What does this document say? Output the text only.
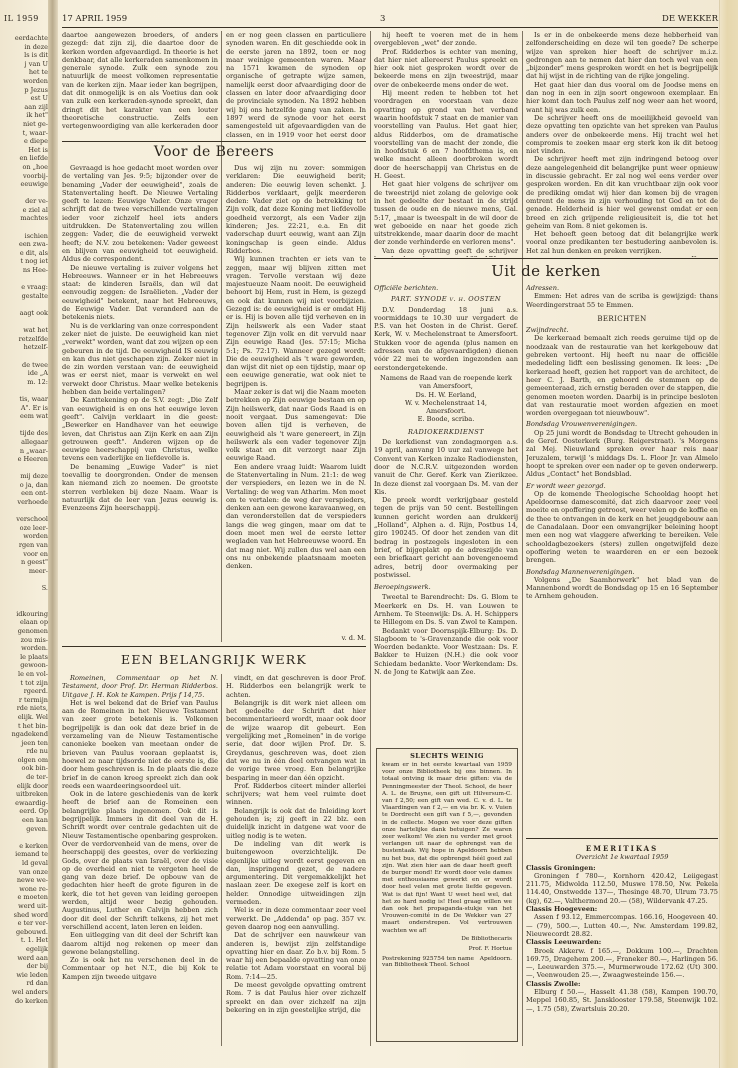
IL 1959
eerdachte
in deze
ls is dit
j van U
het te
worden
p Jezus
est U
aan zijl
ik het"
niet ge-
t, waar-
e diepe
Het is
en liefde
on „hoe
voorbij-
eeuwige
der ve-
e ziel al
machtes
ischien
een zwa-
e dit, als
t nog iet
ns Hee-
e vraag:
gestalte
aagt ook
wat het
retzelfde
hetzelf-
de twee
ide „A
m. 12:
tis, waar
A". Er is
eem wat
tijde des
allegaar
n „waar-
e Heeren
mij deze
o ja, dan
een ont-
verhoede
verschool
oze leer-
worden
rgen van
voor en
n geest"
meer-
S.
idkouring
elaan op
genomen
zou mis-
worden.
le plaats
gewoon-
le en vol-
t tot zijn
rgeerd.
r termijn
rde niets,
elijk. Wel
t het bin-
ngadekend
jeen ten
rde nu
olgen om
ook bin-
de ter-
elijk door
uitbreken
ewaardig-
eerd. Op
een kan
geven.
e kerken
iemand te
ld geval
van onze
newe we-
wone re-
e moeten
werd uit-
shed word
e ter ver-
gebouwd.
t. 1. Het
egelijk
werd aan
der bij
wie leden
rd dan
wel anders
do kerken
17 APRIL 1959	3	DE WEKKER

daartoe aangewezen broeders, of anders gezegd: dat zijn zij, die daartoe door de kerken worden afgevaardigd. In theorie is het denkbaar, dat alle kerkeraden samenkomen in generale synode. Zulk een synode zou natuurlijk de meest volkomen representatie van de kerken zijn. Maar ieder kan begrijpen, dat dit onmogelijk is en als Voetius dan ook van zulk een kerkeraden-synode spreekt, dan dringt dit het karakter van een louter theoretische constructie. Zelfs een vertegenwoordiging van alle kerkeraden door

en er nog geen classen en particuliere synoden waren. En dit geschiedde ook in de eerste jaren na 1892, toen er nog maar weinige gemeenten waren. Maar na 1571 kwamen de synoden op organische of getrapte wijze samen, namelijk eerst door afvaardiging door de classen en later door afvaardiging door de provinciale synoden. Na 1892 hebben wij bij ons hetzelfde gang van zaken. In 1897 werd de synode voor het eerst samengesteld uit afgevaardigden van de classen, en in 1919 voor het eerst door

Voor de Bereers

Gevraagd is hoe gedacht moet worden over de vertaling van Jes. 9:5; bijzonder over de benaming „Vader der eeuwigheid", zoals de Statenvertaling heeft. De Nieuwe Vertaling geeft te lezen: Eeuwige Vader. Onze vrager schrijft dat de twee verschillende vertalingen ieder voor zichzelf heel iets anders uitdrukken. De Statenvertaling zou willen zeggen: Vader, die de eeuwigheid verwekt heeft; de N.V. zou betekenen: Vader geweest en blijven van eeuwigheid tot eeuwigheid. Aldus de correspondent.

De nieuwe vertaling is zuiver volgens het Hebreeuws. Wanneer er in het Hebreeuws staat: de kinderen Israëls, dan wil dat eenvoudig zeggen: de Israëlieten. „Vader der eeuwigheid" betekent, naar het Hebreeuws, de Eeuwige Vader. Dat veranderd aan de betekenis niets.

Nu is de verklaring van onze correspondent zeker niet de juiste. De eeuwigheid kan niet „verwekt" worden, want dat zou wijzen op een gebeuren in de tijd. De eeuwigheid IS eeuwig en kan dus niet geschapen zijn. Zeker niet in de zin worden verstaan van: de eeuwigheid was er eerst niet, maar is verwekt en wel verwekt door Christus. Maar welke betekenis hebben dan beide vertalingen?

De Kanttekening op de S.V. zegt: „Die Zelf van eeuwigheid is en ons het eeuwige leven geeft". Calvijn verklaart in die geest: „Bewerker en Handhaver van het eeuwige leven, dat Christus aan Zijn Kerk en aan Zijn getrouwen geeft". Anderen wijzen op de eeuwige heerschappij van Christus, welke tevens een vaderlijke en liefdevolle is.

De benaming „Euwige Vader" is niet toevallig te doorgronden. Onder de mensen kan niemand zich zo noemen. De grootste sterren verbleken bij deze Naam. Waar is natuurlijk dat de leer van Jezus eeuwig is. Evenzeens Zijn heerschappij.

Dus wij zijn nu zover: sommigen verklaren: Die eeuwigheid berit; anderen: Die eeuwig leven schenkt. J. Ridderbos verklaart, geljk meerderen deden: Vader ziet op de betrekking tot Zijn volk, dat deze Koning met liefdevolle goedheid verzorgt, als een Vader zijn kinderen; Jes. 22:21, e.a. En dit vaderschap duurt eeuwig, want aan Zijn koningschap is geen einde. Aldus Ridderbos.

Wij kunnen trachten er iets van te zeggen, maar wij blijven zitten met vragen. Tervolle verstaan wij deze majestueuze Naam nooit. De eeuwigheid behoort bij Hem, rust in Hem, is gezegd en ook dat kunnen wij niet voorbijzien. Gezegd is: de eeuwigheid is er omdat Hij er is. Hij is boven alle tijd verheven en in Zijn heilswerk als een Vader staat tegenover Zijn volk en dit vervuld naar Zijn eeuwige Raad (Jes. 57:15; Micha 5:1; Ps. 72:17). Wanneer gezegd wordt: Die de eeuwigheid als 't ware geworden, dan wijst dit niet op een tijdstip, maar op een eeuwige generatie, wat ook niet te begrijpen is.

Maar zeker is dat wij die Naam moeten betrekken op Zijn eeuwige bestaan en op Zijn heilswerk, dat naar Gods Raad is en nooit vergaat. Dus samengevat: Die boven allen tijd is verheven, de eeuwigheid als 't ware genereert, in Zijn heilswerk als een vader tegenover Zijn volk staat en dit verzorgt naar Zijn eeuwige Raad.

Een andere vraag luidt: Waarom luidt de Statenvertaling in Num. 21:1: de weg der verspieders, en lezen we in de N. Vertaling: de weg van Atharim. Men moet om te vertalen: de weg der verspieders, denken aan een gewone karavaanweg, en dan veronderstellen dat de verspieders langs die weg gingen, maar om dat te doen moet men wel de eerste letter wegladen van het Hebreeuwse woord. En dat mag niet. Wij zullen dus wel aan een ons nu onbekende plaatsnaam moeten denken.

v. d. M.
EEN BELANGRIJK WERK

Romeinen, Commentaar op het N. Testament, door Prof. Dr. Herman Ridderbos. Uitgave J. H. Kok te Kampen. Prijs f 14,75.

Het is wel bekend dat de Brief van Paulus aan de Romeinen in het Nieuwe Testament van zeer grote betekenis is. Volkomen begrijpelijk is dan ook dat deze brief in de verzameling van de Nieuw Testamentische canonieke boeken van meetaan onder de brieven van Paulus vooraan geplaatst is, hoewel ze naar tijdsorde niet de eerste is, die door hem geschreven is. In de plaats die deze brief in de canon kreeg spreekt zich dan ook reeds een waardeeringsoordeel uit.

Ook in de latere geschiedenis van de kerk heeft de brief aan de Romeinen een belangrijke plaats ingenomen. Ook dit is begrijpelijk. Immers in dit deel van de H. Schrift wordt over centrale gedachten uit de Nieuw Testamentische openbaring gesproken. Over de verdorvenheid van de mens, over de heerschappij des geestes, over de verkiezing Gods, over de plaats van Israël, over de visie op de overheid en niet te vergeten heel de gang van deze brief. De opbouw van de gedachten hier heeft de grote figuren in de kerk, die tot het geven van leiding geroepen werden, altijd weer bezig gehouden. Augustinus, Luther en Calvijn hebben zich door dit deel der Schrift telkens, zij het met verschillend accent, laten leren en leiden.

Een uitlegging van dit deel der Schrift kan daarom altijd nog rekenen op meer dan gewone belangstelling.

Zo is ook het nu verschenen deel in de Commentaar op het N.T., die bij Kok te Kampen zijn tweede uitgave

vindt, en dat geschreven is door Prof. H. Ridderbos een belangrijk werk te achten.

Belangrijk is dit werk niet alleen om het gedeelte der Schrift dat hier becommentarieerd wordt, maar ook door de wijze waarop dit gebeurt. Een vergelijking met „Romeinen" in de vorige serie, dat door wijlen Prof. Dr. S. Greydanus, geschreven was, doet zien dat we nu in één deel ontvangen wat in de vorige twee vroeg. Een belangrijke besparing in meer dan één opzicht.

Prof. Ridderbos citeert minder allerlei schrijvers; wat hem veel ruimte doet winnen.

Belangrijk is ook dat de Inleiding kort gehouden is; zij geeft in 22 blz. een duidelijk inzicht in datgene wat voor de uitleg nodig is te weten.

De indeling van dit werk is buitengewoon overzichtelijk. De eigenlijke uitleg wordt eerst gegeven en dan, inspringend gezet, de nadere argumentering. Dit vergemakkelijkt het naslaan zeer. De exegese zelf is kort en helder. Onnodige uitweidingen zijn vermeden.

Wel is er in deze commentaar zeer veel verwerkt. De „Addenda" op pag. 357 vv. geven daarop nog een aanvulling.

Dat de schrijver een nauwkeur van anderen is, bewijst zijn zelfstandige opvatting hier en daar. Zo b.v. bij Rom. 5 waar hij een bepaalde opvatting van onze relatie tot Adam voorstaat en vooral bij Rom. 7:14—25.

De meest gevolgde opvatting omtrent Rom. 7 is dat Paulus hier over zichzelf spreekt en dan over zichzelf na zijn bekering en in zijn geestelijke strijd, die

hij heeft te voeren met de in hem overgebleven „wet" der zonde.

Prof. Ridderbos is echter van mening, dat hier niet allereerst Paulus spreekt en hier ook niet gesproken wordt over de bekeerde mens en zijn tweestrijd, maar over de onbekeerde mens onder de wet.

Hij meent reden te hebben tot het voordragen en voorstaan van deze opvatting op grond van het verband waarin hoofdstuk 7 staat en de manier van voorstelling van Paulus. Het gaat hier, aldus Ridderbos, om de dramatische voorstelling van de macht der zonde, die in hoofdstuk 6 en 7 hoofdthema is, en welke macht alleen doorbroken wordt door de heerschappij van Christus en de H. Geest.

Het gaat hier volgens de schrijver om de tweestrijd niet zolang de gelovige ook in het gedeelte der bestaat in de strijd tussen de oude en de nieuwe mens, Gal. 5:17, „maar is tweespalt in de wil door de wet geboeide en naar het goede zich uitstrekkende, maar daarin door de macht der zonde verhinderde en verloren mens".

Van deze opvatting geeft de schrijver

Is er in de onbekeerde mens deze hebberheid van zelfonderscheiding en deze wil ten goede? De scherpe wijze van spreken hier heeft de schrijver m.i.z. gedrongen aan te nemen dat hier dan toch wel van een „bijzonder" mens gesproken wordt en het is begrijpelijk dat hij wijst in de richting van de rijke jongeling.

Het gaat hier dan dus vooral om de Joodse mens en dan nog in een in zijn soort ongewoon exemplaar. En hier komt dan toch Paulus zelf nog weer aan het woord, want hij was zulk een.

De schrijver heeft ons de moeilijkheid gevoeld van deze opvatting ten opzichte van het spreken van Paulus anders over de onbekeerde mens. Hij tracht wel het compromis te zoeken maar erg sterk kon ik dit betoog niet vinden.

De schrijver heeft met zijn indringend betoog over deze aangelegenheid dit belangrijke punt weer opnieuw in discussie gebracht. Er zal nog wel eens verder over gesproken worden. En dit kan vruchtbaar zijn ook voor de prediking omdat wij hier dan komen bij de vragen omtrent de mens in zijn verhouding tot God en tot de genade. Helderheid is hier wel gewenst omdat er een breed en zich grijpende religieusiteit is, die tot het geheim van Rom. 8 niet gekomen is.

Het behoeft geen betoog dat dit belangrijke werk vooral onze predikanten ter bestudering aanbevolen is. Het zal hun denken en preken verrijken.

Uit de kerken

Officiële berichten.

PART. SYNODE v. h. OOSTEN

D.V. Donderdag 18 juni a.s. voormiddags te 10.30 uur vergadert de P.S. van het Oosten in de Christ. Geref. Kerk, W. v. Mechelenstraat te Amersfoort. Stukken voor de agenda (plus namen en adressen van de afgevaardigden) dienen vóór 22 mei te worden ingezonden aan eerstondergetekende.

Namens de Raad van de roepende kerk van Amersfoort,

Ds. H. W. Eerland,

W. v. Mechelenstraat 14,

Amersfoort.

E. Boode, scriba.

RADIOKERKDIENST

De kerkdienst van zondagmorgen a.s. 19 april, aanvang 10 uur zal vanwege het Convent van Kerken inzake Radiodiensten, door de N.C.R.V. uitgezonden worden vanuit de Chr. Geref. Kerk van Zierikzee. In deze dienst zal voorgaan Ds. M. van der Kis.

De preek wordt verkrijgbaar gesteld tegen de prijs van 50 cent. Bestellingen kunnen gericht worden aan drukkerij „Holland", Alphen a. d. Rijn, Postbus 14, giro 190245. Of door het zenden van dit bedrag in postzegels ingesloten in een brief, of bijgeplakt op de adreszijde van een briefkaart gericht aan bovengenoemd adres, betrij door overmaking per postwissel.

Beroepingswerk.

Tweetal te Barendrecht: Ds. G. Blom te Meerkerk en Ds. H. van Louwen te Arnhem. Te Steenwijk: Ds. A. H. Schippers te Hillegom en Ds. S. van Zwol te Kampen.

Bedankt voor Doornspijk-Elburg: Ds. D. Slagboom te 's-Gravenzande die ook voor Woerden bedankte. Voor Westzaan: Ds. F. Bakker te Huizen (N.H.) die ook voor Schiedam bedankte. Voor Werkendam: Ds. N. de Jong te Katwijk aan Zee.

SLECHTS WEINIG
kwam er in het eerste kwartaal van 1959 voor onze Bibliotheek bij ons binnen. In totaal ontving ik maar drie giften: via de Penningmeester der Theol. School, de heer A. L. de Bruyne, een gift uit Hilversum-C. van f 2,50; een gift van wed. C. v. d. L. te Vlaardingen van f 2,— en via br. K. v. Vuien te Dordrecht een gift van f 5,—, gevonden in de collecte. Mogen we voor deze giften onze hartelijke dank betuigen? Ze waren zeer welkom! We zien nu verder met groot verlangen uit naar de ophrengst van de bustentaak. Wij hope in Apeldoorn hebben nu het bus, dat die opbrengst héél goed zal zijn. Wat zien hier aan de daar heeft geeft de burger mond! Er wordt door vele dames met enthousiasme gewerkt en er wordt door heel velen met grote liefde gegeven. Wat is dat fijn! Want U weet heel wel, dat het zo hard nodig is! Heel graag willen we dan ook het propaganda-stukje van het Vrouwen-comité in de De Wekker van 27 maart onderstrepen. Vol vertrouwen wachten we af!
De Bibliothecaris
Prof. F. Hortue
Postrekening 925754 ten name van Bibliotheek Theol. School
Apeldoorn.

Adressen.

Emmen: Het adres van de scriba is gewijzigd: thans Weerdingerstraat 55 te Emmen.

BERICHTEN

Zwijndrecht.

De kerkeraad bemaalt zich reeds geruime tijd op de noodzaak van de restauratie van het kerkgebouw dat gebreken vertoont. Hij heeft nu naar de officiële mededeling lidft een beslissing genomen. Ik lees: „De kerkeraad heeft, gezien het rapport van de architect, de heer C. J. Barth, en gehoord de stemmen op de gemeenteraad, zich ernstig beraden over de stappen, die genomen moeten worden. Daarbij is in principe besloten dat van restauratie moet worden afgezien en moet worden overgegaan tot nieuwbouw".

Bondsdag Vrouwenverenigingen.

Op 25 juni wordt de Bondsdag te Utrecht gehouden in de Geref. Oosterkerk (Burg. Reigerstraat). 's Morgens zal Mej. Nieuwland spreken over haar reis naar Jeruzalem, terwijl 's middags Ds. L. Floor Jr. van Almelo hoopt te spreken over een nader op te geven onderwerp. Aldus „Contact" het Bondsblad.

Er wordt weer gezorgd.

Op de komende Theologische Schooldag hoopt het Apeldoornse damescomité, dat zich daarvoor zeer veel moeite en opoffering getroost, weer velen op de koffie en de thee te ontvangen in de kerk en het jeugdgebouw aan de Canadalaan. Door een omvangrijker beleining hoopt men een nog wat vlaggere afwerking te bereiken. Vele schooldagbezoekers (sters) zullen ongetwijfeld deze opoffering weten te waarderen en er een bezoek brengen.

Bondsdag Mannenverenigingen.

Volgens „De Saamhorwerk" het blad van de Mannenbond wordt de Bondsdag op 15 en 16 September te Arnhem gehouden.

EMERITIKAS
Overzicht 1e kwartaal 1959

Classis Groningen:

Groningen f 780—, Kornhorn 420.42, Leiigegast 211.75, Midwolda 112.50, Muswe 178.50, Nw. Pekela 114.40, Onstwedde 137—, Thesinge 48.70, Ulrum 73.75 (kg), 62.—, Valthermond 20.— (58), Wildervank 47.25.

Classis Hoogeveen:

Assen f 93.12, Emmercompas. 166.16, Hoogeveen 40.— (79), 500.—, Lutten 40.—, Nw. Amsterdam 199.82, Nieuwecordt 28.82.

Classis Leeuwarden:

Broek Akkerw. f 165.—, Dokkum 100.—, Drachten 169.75, Dragehem 200.—, Franeker 80.—, Harlingen 56.—, Leeuwarden 375.—, Murmerwoude 172.62 (Ut) 300.—, Veenwouden 25.—, Zwaagwesteinde 156.—.

Classis Zwolle:

Elburg f 50.—, Hasselt 41.38 (58), Kampen 190.70, Meppel 160.85, St. Jansklooster 179.58, Steenwijk 102.—, 1.75 (58), Zwartsluis 20.20.
